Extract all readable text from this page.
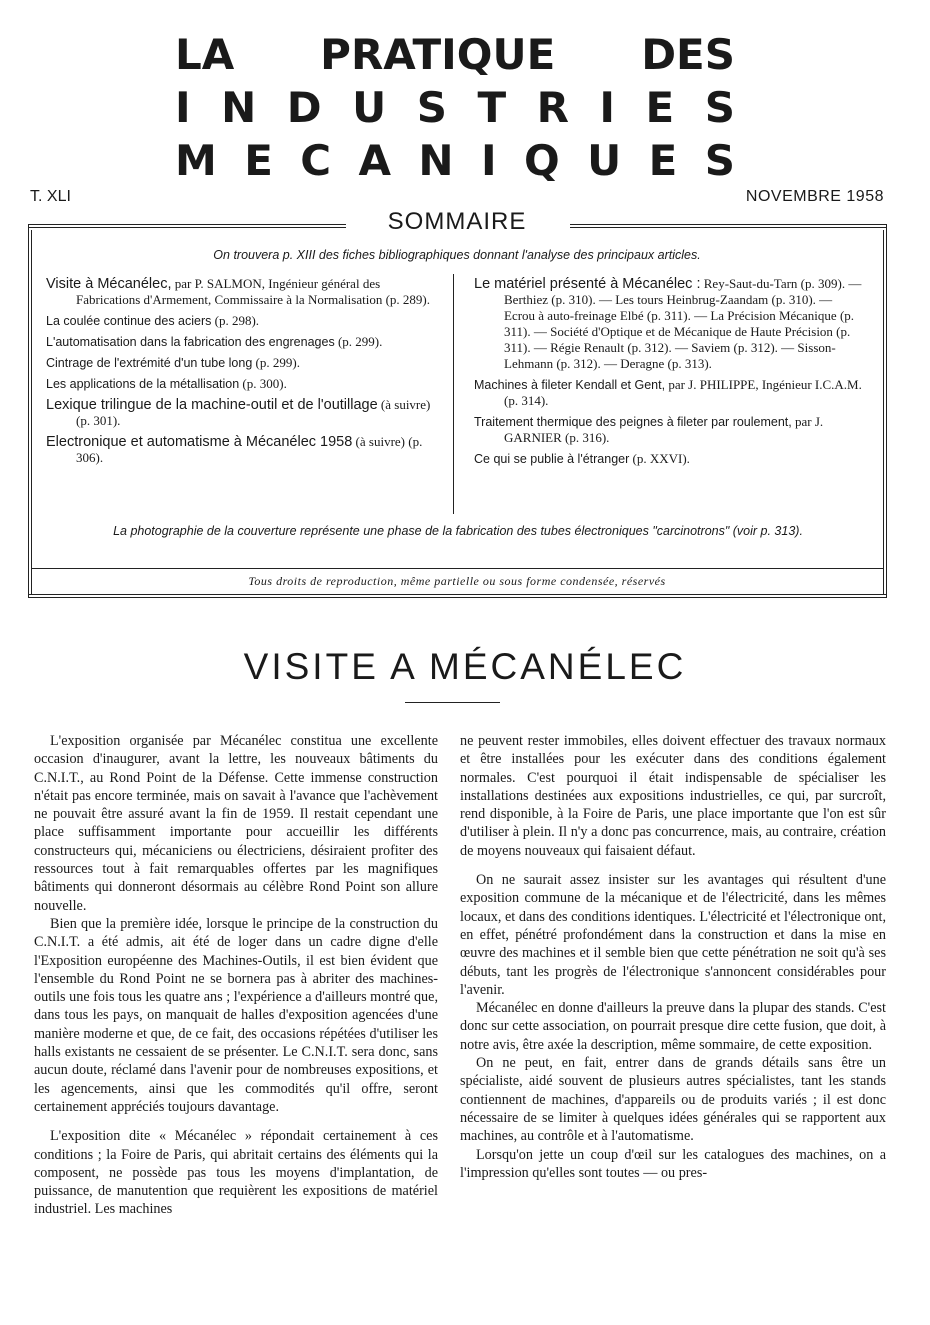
LA PRATIQUE DES
I N D U S T R I E S
M E C A N I Q U E S
T. XLI	NOVEMBRE 1958
SOMMAIRE
On trouvera p. XIII des fiches bibliographiques donnant l'analyse des principaux articles.
Visite à Mécanélec, par P. SALMON, Ingénieur général des Fabrications d'Armement, Commissaire à la Normalisation (p. 289).
La coulée continue des aciers (p. 298).
L'automatisation dans la fabrication des engrenages (p. 299).
Cintrage de l'extrémité d'un tube long (p. 299).
Les applications de la métallisation (p. 300).
Lexique trilingue de la machine-outil et de l'outillage (à suivre) (p. 301).
Electronique et automatisme à Mécanélec 1958 (à suivre) (p. 306).
Le matériel présenté à Mécanélec : Rey-Saut-du-Tarn (p. 309). — Berthiez (p. 310). — Les tours Heinbrug-Zaandam (p. 310). — Ecrou à auto-freinage Elbé (p. 311). — La Précision Mécanique (p. 311). — Société d'Optique et de Mécanique de Haute Précision (p. 311). — Régie Renault (p. 312). — Saviem (p. 312). — Sisson-Lehmann (p. 312). — Deragne (p. 313).
Machines à fileter Kendall et Gent, par J. PHILIPPE, Ingénieur I.C.A.M. (p. 314).
Traitement thermique des peignes à fileter par roulement, par J. GARNIER (p. 316).
Ce qui se publie à l'étranger (p. XXVI).
La photographie de la couverture représente une phase de la fabrication des tubes électroniques "carcinotrons" (voir p. 313).
Tous droits de reproduction, même partielle ou sous forme condensée, réservés
VISITE A MÉCANÉLEC

L'exposition organisée par Mécanélec constitua une excellente occasion d'inaugurer, avant la lettre, les nouveaux bâtiments du C.N.I.T., au Rond Point de la Défense. Cette immense construction n'était pas encore terminée, mais on savait à l'avance que l'achèvement ne pouvait être assuré avant la fin de 1959. Il restait cependant une place suffisamment importante pour accueillir les différents constructeurs qui, mécaniciens ou électriciens, désiraient profiter des ressources tout à fait remarquables offertes par les magnifiques bâtiments qui donneront désormais au célèbre Rond Point son allure nouvelle.

Bien que la première idée, lorsque le principe de la construction du C.N.I.T. a été admis, ait été de loger dans un cadre digne d'elle l'Exposition européenne des Machines-Outils, il est bien évident que l'ensemble du Rond Point ne se bornera pas à abriter des machines-outils une fois tous les quatre ans ; l'expérience a d'ailleurs montré que, dans tous les pays, on manquait de halles d'exposition agencées d'une manière moderne et que, de ce fait, des occasions répétées d'utiliser les halls existants ne cessaient de se présenter. Le C.N.I.T. sera donc, sans aucun doute, réclamé dans l'avenir pour de nombreuses expositions, et les agencements, ainsi que les commodités qu'il offre, seront certainement appréciés toujours davantage.

L'exposition dite « Mécanélec » répondait certainement à ces conditions ; la Foire de Paris, qui abritait certains des éléments qui la composent, ne possède pas tous les moyens d'implantation, de puissance, de manutention que requièrent les expositions de matériel industriel. Les machines

ne peuvent rester immobiles, elles doivent effectuer des travaux normaux et être installées pour les exécuter dans des conditions également normales. C'est pourquoi il était indispensable de spécialiser les installations destinées aux expositions industrielles, ce qui, par surcroît, rend disponible, à la Foire de Paris, une place importante que l'on est sûr d'utiliser à plein. Il n'y a donc pas concurrence, mais, au contraire, création de moyens nouveaux qui faisaient défaut.

On ne saurait assez insister sur les avantages qui résultent d'une exposition commune de la mécanique et de l'électricité, dans les mêmes locaux, et dans des conditions identiques. L'électricité et l'électronique ont, en effet, pénétré profondément dans la construction et dans la mise en œuvre des machines et il semble bien que cette pénétration ne soit qu'à ses débuts, tant les progrès de l'électronique s'annoncent considérables pour l'avenir.

Mécanélec en donne d'ailleurs la preuve dans la plupar des stands. C'est donc sur cette association, on pourrait presque dire cette fusion, que doit, à notre avis, être axée la description, même sommaire, de cette exposition.

On ne peut, en fait, entrer dans de grands détails sans être un spécialiste, aidé souvent de plusieurs autres spécialistes, tant les stands contiennent de machines, d'appareils ou de produits variés ; il est donc nécessaire de se limiter à quelques idées générales qui se rapportent aux machines, au contrôle et à l'automatisme.

Lorsqu'on jette un coup d'œil sur les catalogues des machines, on a l'impression qu'elles sont toutes — ou pres-
